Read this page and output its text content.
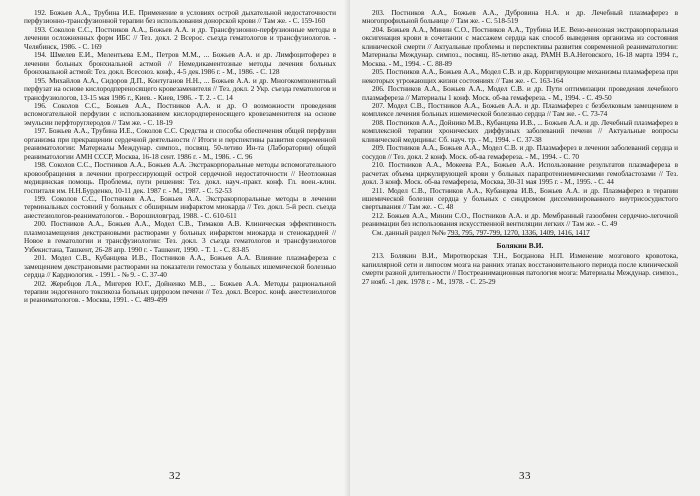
192. Божьев А.А., Трубина И.Е. Применение в условиях острой дыхательной недостаточности перфузионно-трансфузионной терапии без использования донорской крови // Там же. - С. 159-160

193. Соколов С.С., Постников А.А., Божьев А.А. и др. Трансфузионно-перфузионные методы в лечении осложненных форм ИБС // Тез. докл. 2 Всерос. съезда гематологов и трансфузиологов. - Челябинск, 1986. - С. 169

194. Шмелев Е.И., Мелентьева Е.М., Петров М.М., ... Божьев А.А. и др. Лимфоцитоферез в лечении больных бронхиальной астмой // Немедикаментозные методы лечения больных бронхиальной астмой: Тез. докл. Всесоюз. конф., 4-5 дек.1986 г. - М., 1986. - С. 128

195. Михайлов А.А., Сидоров Д.П., Контуганов Н.Н., ... Божьев А.А. и др. Многокомпонентный перфузат на основе кислородпереносящего кровезаменителя // Тез. докл. 2 Укр. съезда гематологов и трансфузиологов, 13-15 мая 1986 г., Киев. - Киев, 1986. - Т. 2. - С. 14

196. Соколов С.С., Божьев А.А., Постников А.А. и др. О возможности проведения вспомогательной перфузии с использованием кислородпереносящего кровезаменителя на основе эмульсии перфторуглеродов // Там же. - С. 18-19

197. Божьев А.А., Трубина И.Е., Соколов С.С. Средства и способы обеспечения общей перфузии организма при прекращении сердечной деятельности // Итоги и перспективы развития современной реаниматологии: Материалы Междунар. симпоз., посвящ. 50-летию Ин-та (Лаборатории) общей реаниматологии АМН СССР, Москва, 16-18 сент. 1986 г. - М., 1986. - С. 96

198. Соколов С.С., Постников А.А., Божьев А.А. Экстракорпоральные методы вспомогательного кровообращения в лечении прогрессирующей острой сердечной недостаточности // Неотложная медицинская помощь. Проблемы, пути решения: Тез. докл. науч.-практ. конф. Гл. воен.-клин. госпиталя им. Н.Н.Бурденко, 10-11 дек. 1987 г. - М., 1987. - С. 52-53

199. Соколов С.С., Постников А.А., Божьев А.А. Экстракорпоральные методы в лечении терминальных состояний у больных с обширным инфарктом миокарда // Тез. докл. 5-й респ. съезда анестезиологов-реаниматологов. - Ворошиловград, 1988. - С. 610-611

200. Постников А.А., Божьев А.А., Модел С.В., Тимаков А.В. Клиническая эффективность плазмозамещения декстрановыми растворами у больных инфарктом миокарда и стенокардией // Новое в гематологии и трансфузиологии: Тез. докл. 3 съезда гематологов и трансфузиологов Узбекистана, Ташкент, 26-28 апр. 1990 г. - Ташкент, 1990. - Т. 1. - С. 83-85

201. Модел С.В., Кубанцева И.В., Постников А.А., Божьев А.А. Влияние плазмафереза с замещением декстрановыми растворами на показатели гемостаза у больных ишемической болезнью сердца // Кардиология. - 1991. - № 9. - С. 37-40

202. Жеребцов Л.А., Мигерев Ю.Г., Дойненко М.В., ... Божьев А.А. Методы рациональной терапии эндогенного токсикоза больных циррозом печени // Тез. докл. Всерос. конф. анестезиологов и реаниматологов. - Москва, 1991. - С. 489-499

32

203. Постников А.А., Божьев А.А., Дубровина Н.А. и др. Лечебный плазмаферез в многопрофильной больнице // Там же. - С. 518-519

204. Божьев А.А., Минин С.О., Постников А.А., Трубина И.Е. Вено-венозная экстракорпоральная оксигенация крови в сочетании с массажем сердца как способ выведения организма из состояния клинической смерти // Актуальные проблемы и перспективы развития современной реаниматологии: Материалы Междунар. симпоз., посвящ. 85-летию акад. РАМН В.А.Неговского, 16-18 марта 1994 г., Москва. - М., 1994. - С. 88-89

205. Постников А.А., Божьев А.А., Модел С.В. и др. Корригирующие механизмы плазмафереза при некоторых угрожающих жизни состояниях // Там же. - С. 163-164

206. Постников А.А., Божьев А.А., Модел С.В. и др. Пути оптимизации проведения лечебного плазмафереза // Материалы 1 конф. Моск. об-ва гемафереза. - М., 1994. - С. 49-50

207. Модел С.В., Постников А.А., Божьев А.А. и др. Плазмаферез с безбелковым замещением в комплексе лечения больных ишемической болезнью сердца // Там же. - С. 73-74

208. Постников А.А., Дойнико М.В., Кубанцева И.В., ... Божьев А.А. и др. Лечебный плазмаферез в комплексной терапии хронических диффузных заболеваний печени // Актуальные вопросы клинической медицины: Сб. науч. тр. - М., 1994. - С. 37-38

209. Постников А.А., Божьев А.А., Модел С.В. и др. Плазмаферез в лечении заболеваний сердца и сосудов // Тез. докл. 2 конф. Моск. об-ва гемафереза. - М., 1994. - С. 70

210. Постников А.А., Мокеева Р.А., Божьев А.А. Использование результатов плазмафереза в расчетах объема циркулирующей крови у больных парапротеинемическими гемобластозами // Тез. докл. 3 конф. Моск. об-ва гемафереза, Москва, 30-31 мая 1995 г. - М., 1995. - С. 44

211. Модел С.В., Постников А.А., Кубанцева И.В., Божьев А.А. и др. Плазмаферез в терапии ишемической болезни сердца у больных с синдромом диссеминированного внутрисосудистого свертывания // Там же. - С. 48

212. Божьев А.А., Минин С.О., Постников А.А. и др. Мембранный газообмен сердечно-легочной реанимации без использования искусственной вентиляции легких // Там же. - С. 49

См. данный раздел №№ 793, 795, 797-799, 1270, 1336, 1409, 1416, 1417

Болякин В.И.

213. Болякин В.И., Миротворская Т.Н., Богданова Н.П. Изменение мозгового кровотока, капиллярной сети и липосом мозга на ранних этапах восстановительного периода после клинической смерти разной длительности // Постреанимационная патология мозга: Материалы Междунар. симпоз., 27 нояб. -1 дек. 1978 г. - М., 1978. - С. 25-29

33
